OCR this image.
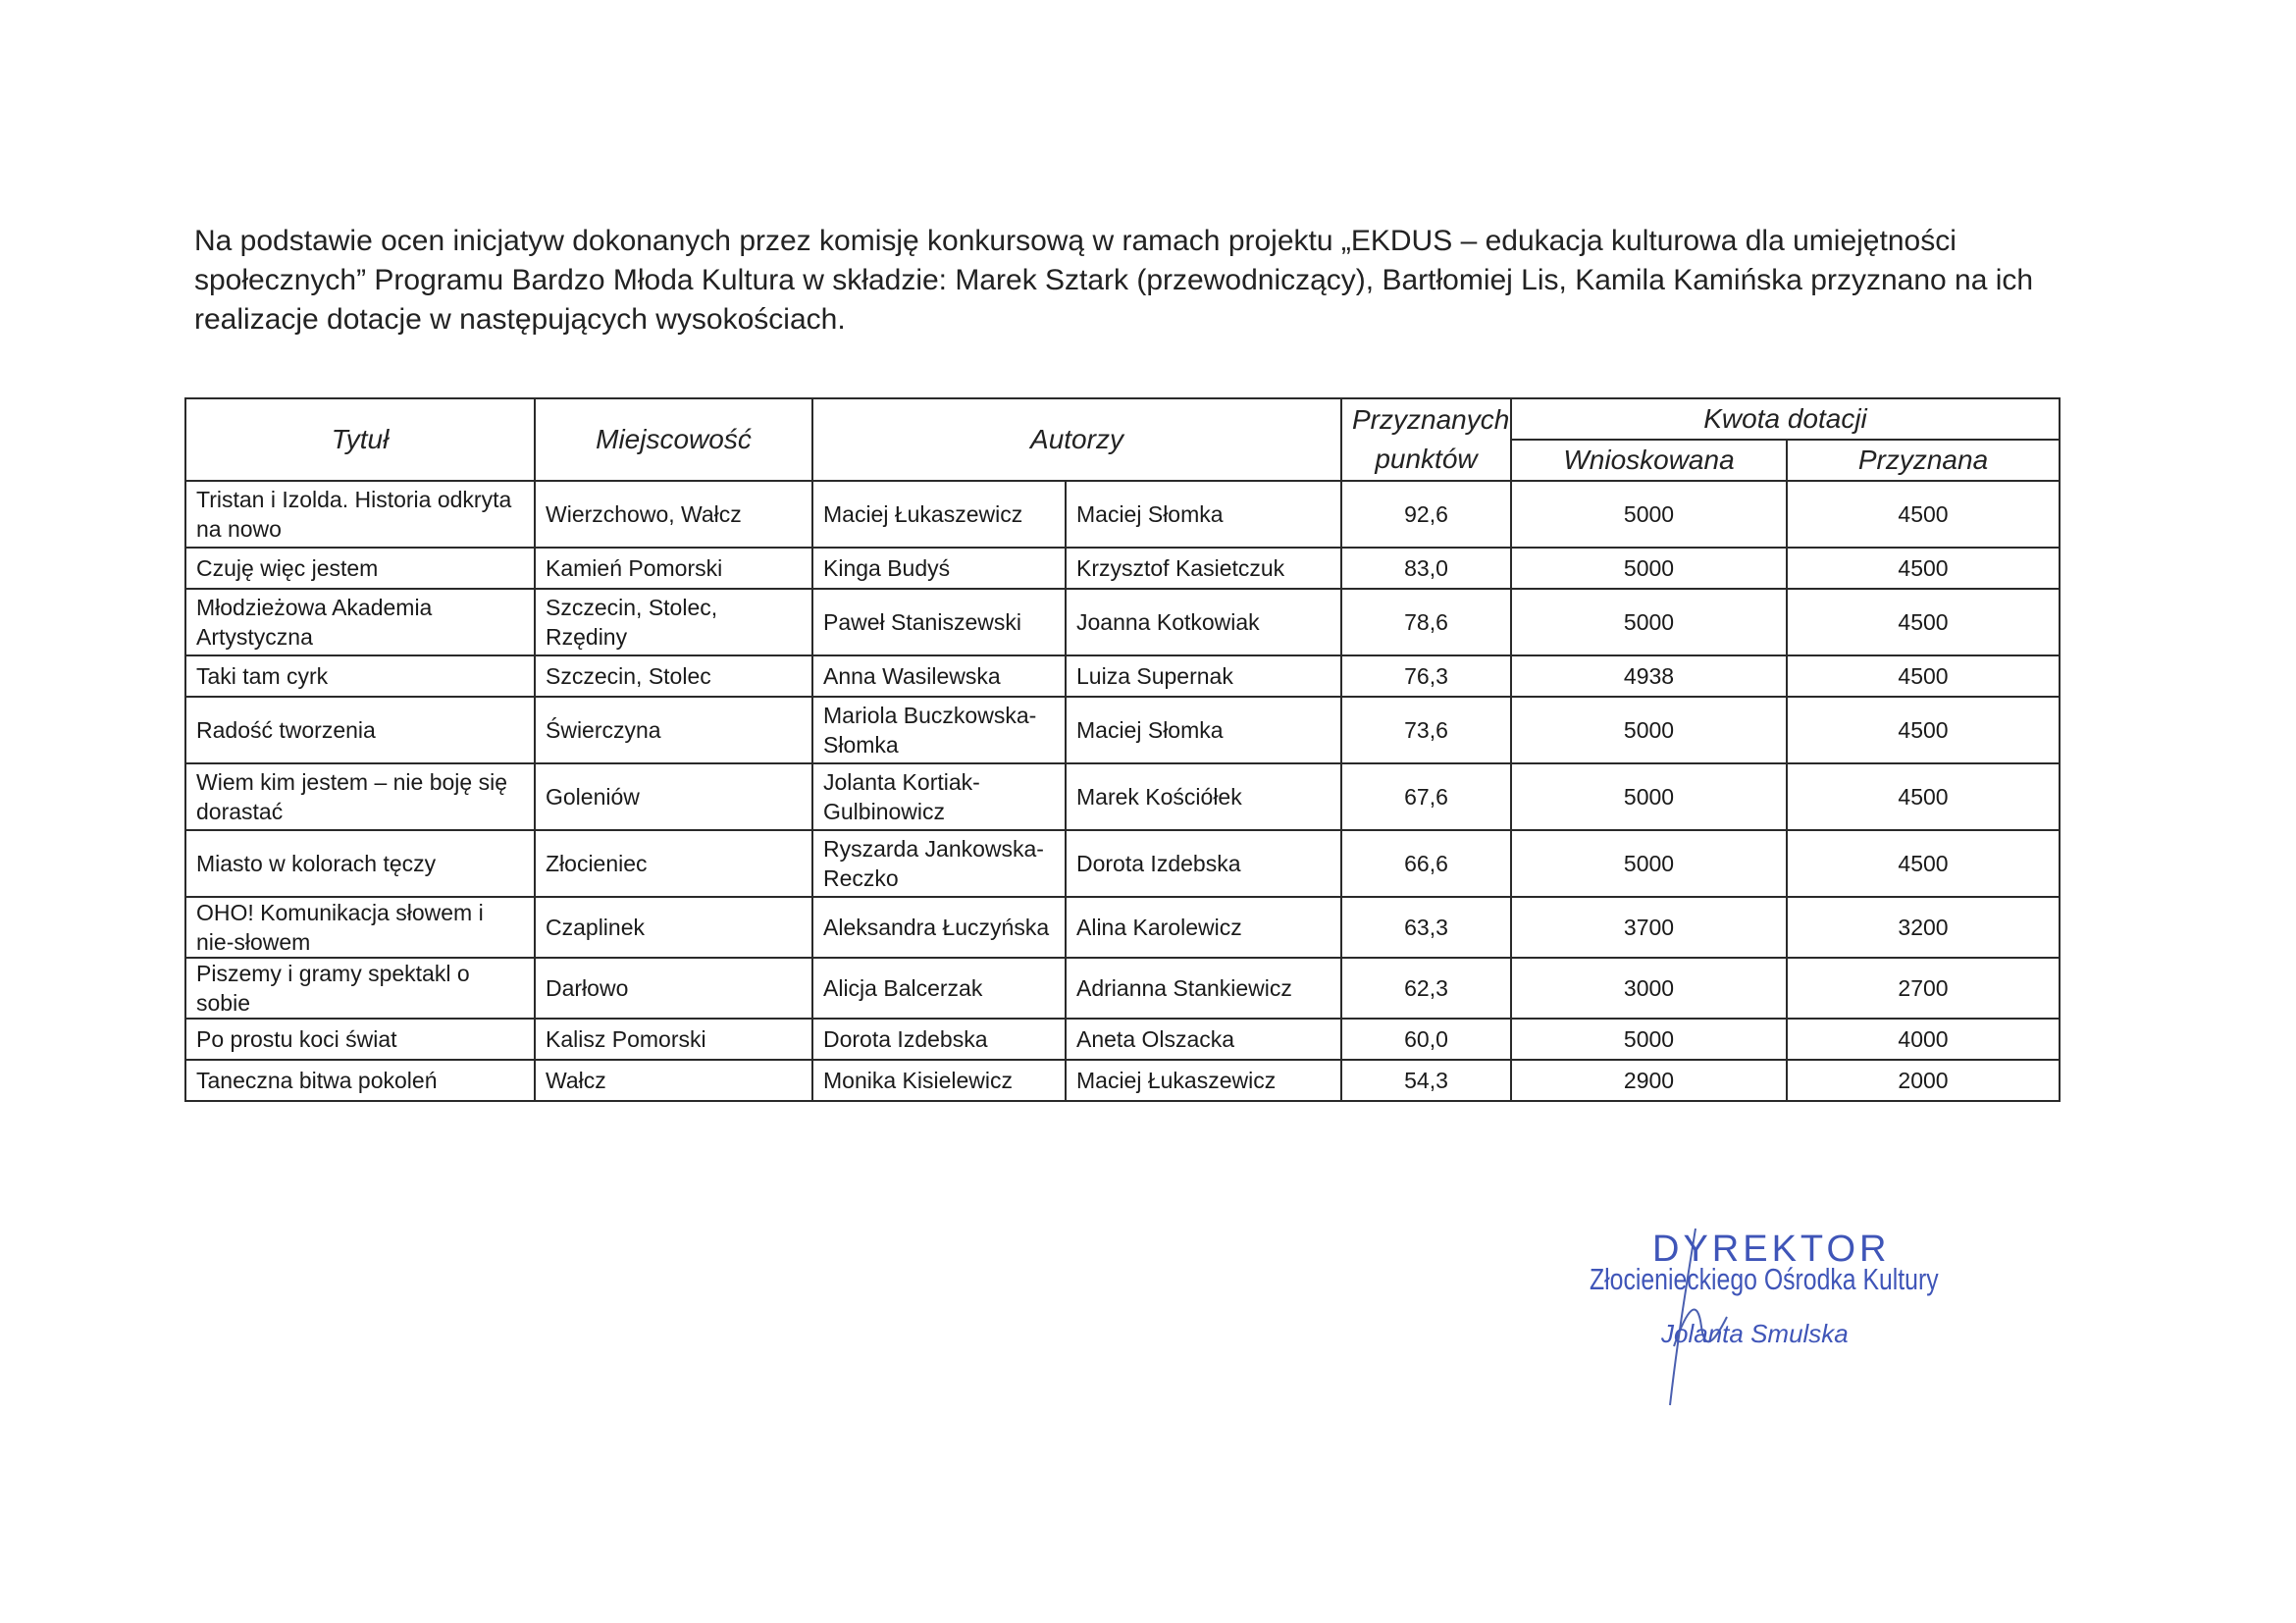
Na podstawie ocen inicjatyw dokonanych przez komisję konkursową w ramach projektu „EKDUS – edukacja kulturowa dla umiejętności społecznych” Programu Bardzo Młoda Kultura w składzie: Marek Sztark (przewodniczący), Bartłomiej Lis, Kamila Kamińska przyznano na ich realizacje dotacje w następujących wysokościach.

Tytuł	Miejscowość	Autorzy		Przyznanych punktów	Kwota dotacji	
					Wnioskowana	Przyznana
Tristan i Izolda. Historia odkryta na nowo	Wierzchowo, Wałcz	Maciej Łukaszewicz	Maciej Słomka	92,6	5000	4500
Czuję więc jestem	Kamień Pomorski	Kinga Budyś	Krzysztof Kasietczuk	83,0	5000	4500
Młodzieżowa Akademia Artystyczna	Szczecin, Stolec, Rzędiny	Paweł Staniszewski	Joanna Kotkowiak	78,6	5000	4500
Taki tam cyrk	Szczecin, Stolec	Anna Wasilewska	Luiza Supernak	76,3	4938	4500
Radość tworzenia	Świerczyna	Mariola Buczkowska-Słomka	Maciej Słomka	73,6	5000	4500
Wiem kim jestem – nie boję się dorastać	Goleniów	Jolanta Kortiak-Gulbinowicz	Marek Kościółek	67,6	5000	4500
Miasto w kolorach tęczy	Złocieniec	Ryszarda Jankowska-Reczko	Dorota Izdebska	66,6	5000	4500
OHO! Komunikacja słowem i nie-słowem	Czaplinek	Aleksandra Łuczyńska	Alina Karolewicz	63,3	3700	3200
Piszemy i gramy spektakl o sobie	Darłowo	Alicja Balcerzak	Adrianna Stankiewicz	62,3	3000	2700
Po prostu koci świat	Kalisz Pomorski	Dorota Izdebska	Aneta Olszacka	60,0	5000	4000
Taneczna bitwa pokoleń	Wałcz	Monika Kisielewicz	Maciej Łukaszewicz	54,3	2900	2000
DYREKTOR
Złocienieckiego Ośrodka Kultury
Jolanta Smulska
